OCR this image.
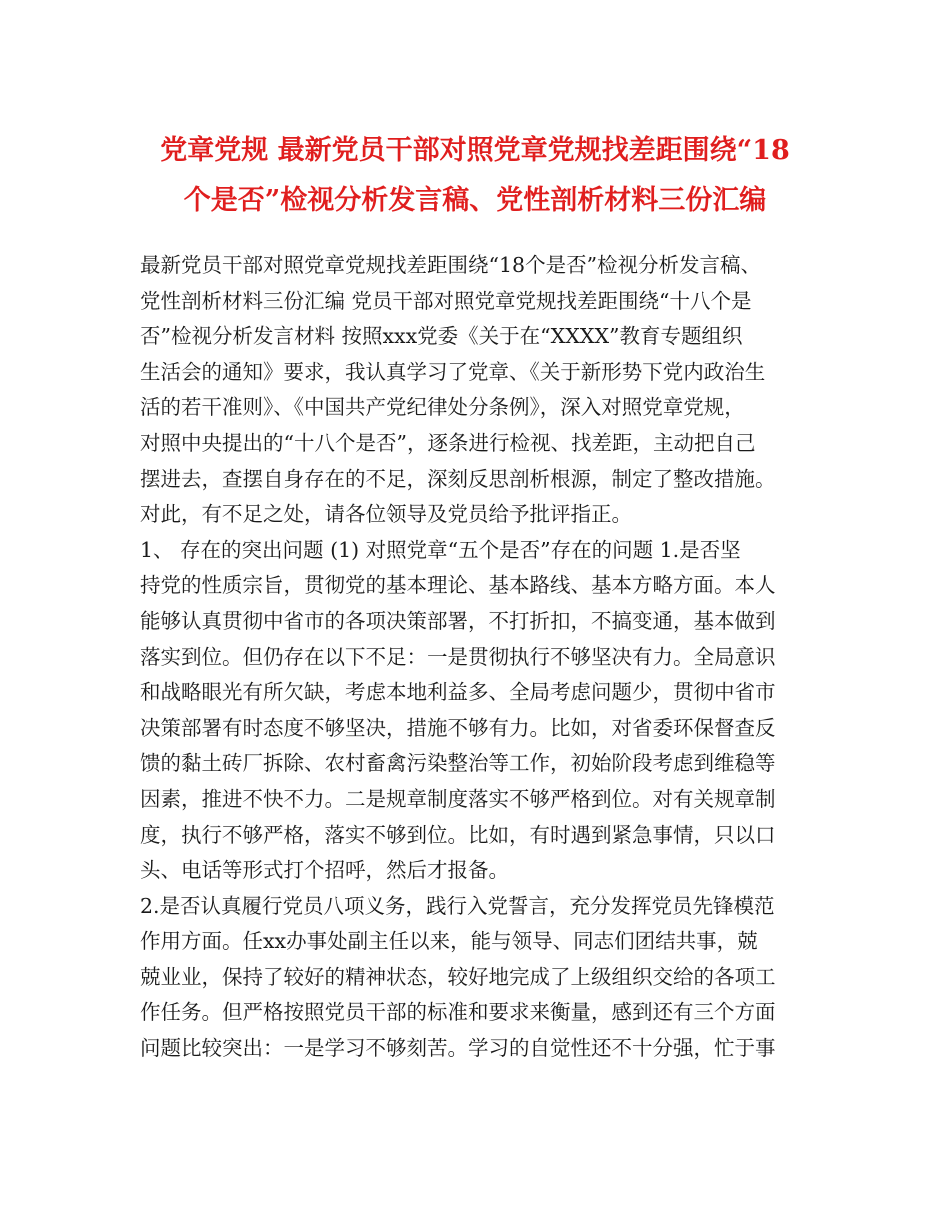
党章党规 最新党员干部对照党章党规找差距围绕“18
个是否”检视分析发言稿、党性剖析材料三份汇编
最新党员干部对照党章党规找差距围绕“18个是否”检视分析发言稿、
党性剖析材料三份汇编 党员干部对照党章党规找差距围绕“十八个是
否”检视分析发言材料 按照xxx党委《关于在“XXXX”教育专题组织
生活会的通知》要求，我认真学习了党章、《关于新形势下党内政治生
活的若干准则》、《中国共产党纪律处分条例》，深入对照党章党规，
对照中央提出的“十八个是否”，逐条进行检视、找差距，主动把自己
摆进去，查摆自身存在的不足，深刻反思剖析根源，制定了整改措施。
对此，有不足之处，请各位领导及党员给予批评指正。
1、 存在的突出问题 (1) 对照党章“五个是否”存在的问题 1.是否坚
持党的性质宗旨，贯彻党的基本理论、基本路线、基本方略方面。本人
能够认真贯彻中省市的各项决策部署，不打折扣，不搞变通，基本做到
落实到位。但仍存在以下不足：一是贯彻执行不够坚决有力。全局意识
和战略眼光有所欠缺，考虑本地利益多、全局考虑问题少，贯彻中省市
决策部署有时态度不够坚决，措施不够有力。比如，对省委环保督查反
馈的黏土砖厂拆除、农村畜禽污染整治等工作，初始阶段考虑到维稳等
因素，推进不快不力。二是规章制度落实不够严格到位。对有关规章制
度，执行不够严格，落实不够到位。比如，有时遇到紧急事情，只以口
头、电话等形式打个招呼，然后才报备。
2.是否认真履行党员八项义务，践行入党誓言，充分发挥党员先锋模范
作用方面。任xx办事处副主任以来，能与领导、同志们团结共事，兢
兢业业，保持了较好的精神状态，较好地完成了上级组织交给的各项工
作任务。但严格按照党员干部的标准和要求来衡量，感到还有三个方面
问题比较突出：一是学习不够刻苦。学习的自觉性还不十分强，忙于事
